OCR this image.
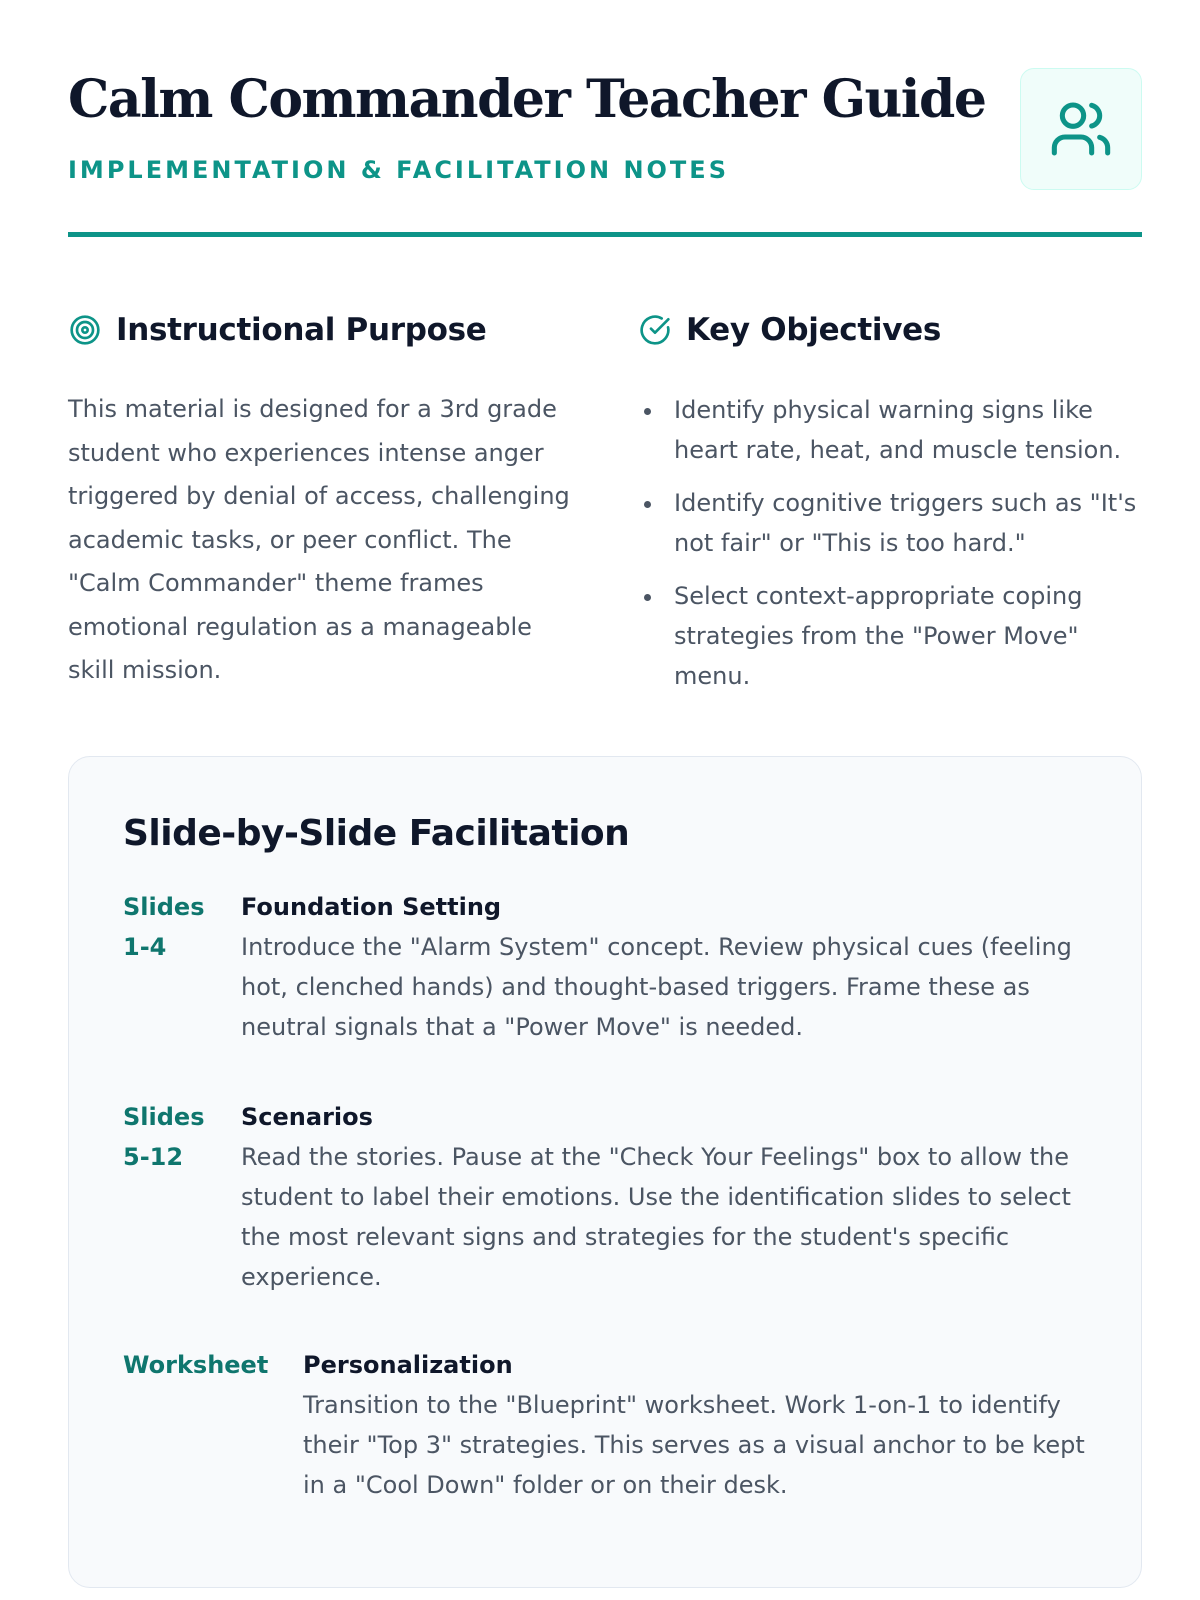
Calm Commander Teacher Guide
IMPLEMENTATION & FACILITATION NOTES
Instructional Purpose

This material is designed for a 3rd grade student who experiences intense anger triggered by denial of access, challenging academic tasks, or peer conflict. The "Calm Commander" theme frames emotional regulation as a manageable skill mission.

Key Objectives
Identify physical warning signs like heart rate, heat, and muscle tension.
Identify cognitive triggers such as "It's not fair" or "This is too hard."
Select context-appropriate coping strategies from the "Power Move" menu.
Slide-by-Slide Facilitation
Slides 1-4
Foundation Setting
Introduce the "Alarm System" concept. Review physical cues (feeling hot, clenched hands) and thought-based triggers. Frame these as neutral signals that a "Power Move" is needed.
Slides 5-12
Scenarios
Read the stories. Pause at the "Check Your Feelings" box to allow the student to label their emotions. Use the identification slides to select the most relevant signs and strategies for the student's specific experience.
Worksheet	Personalization
Transition to the "Blueprint" worksheet. Work 1-on-1 to identify their "Top 3" strategies. This serves as a visual anchor to be kept in a "Cool Down" folder or on their desk.
